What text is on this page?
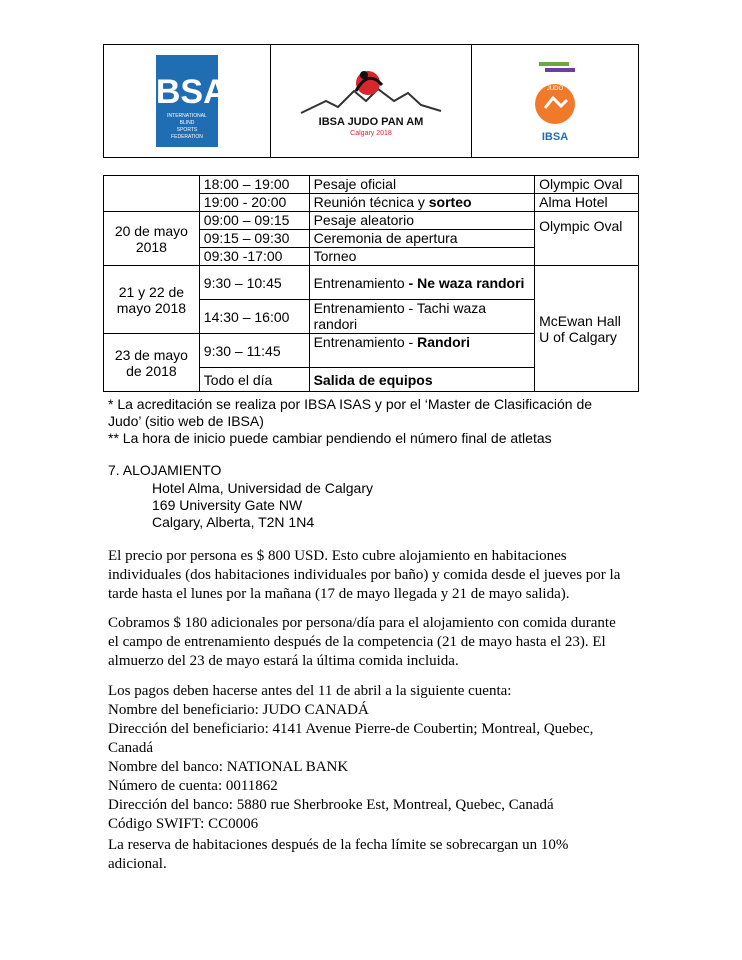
IBSA
INTERNATIONAL
BLIND
SPORTS
FEDERATION

IBSA JUDO PAN AM
Calgary 2018

JUDO
IBSA
	18:00 – 19:00	Pesaje oficial	Olympic Oval
	19:00 - 20:00	Reunión técnica y sorteo	Alma Hotel
20 de mayo 2018	09:00 – 09:15	Pesaje aleatorio	Olympic Oval
	09:15 – 09:30	Ceremonia de apertura	
	09:30 -17:00	Torneo	
21 y 22 de mayo 2018	9:30 – 10:45	Entrenamiento - Ne waza randori	McEwan Hall U of Calgary
	14:30 – 16:00	Entrenamiento - Tachi waza randori	
23 de mayo de 2018	9:30 – 11:45	Entrenamiento - Randori	
	Todo el día	Salida de equipos	
* La acreditación se realiza por IBSA ISAS y por el ‘Master de Clasificación de Judo’ (sitio web de IBSA)
** La hora de inicio puede cambiar pendiendo el número final de atletas
7. ALOJAMIENTO
Hotel Alma, Universidad de Calgary
169 University Gate NW
Calgary, Alberta, T2N 1N4
El precio por persona es $ 800 USD. Esto cubre alojamiento en habitaciones individuales (dos habitaciones individuales por baño) y comida desde el jueves por la tarde hasta el lunes por la mañana (17 de mayo llegada y 21 de mayo salida).
Cobramos $ 180 adicionales por persona/día para el alojamiento con comida durante el campo de entrenamiento después de la competencia (21 de mayo hasta el 23). El almuerzo del 23 de mayo estará la última comida incluida.
Los pagos deben hacerse antes del 11 de abril a la siguiente cuenta:
Nombre del beneficiario: JUDO CANADÁ
Dirección del beneficiario: 4141 Avenue Pierre-de Coubertin; Montreal, Quebec, Canadá
Nombre del banco: NATIONAL BANK
Número de cuenta: 0011862
Dirección del banco: 5880 rue Sherbrooke Est, Montreal, Quebec, Canadá
Código SWIFT: CC0006
La reserva de habitaciones después de la fecha límite se sobrecargan un 10% adicional.
